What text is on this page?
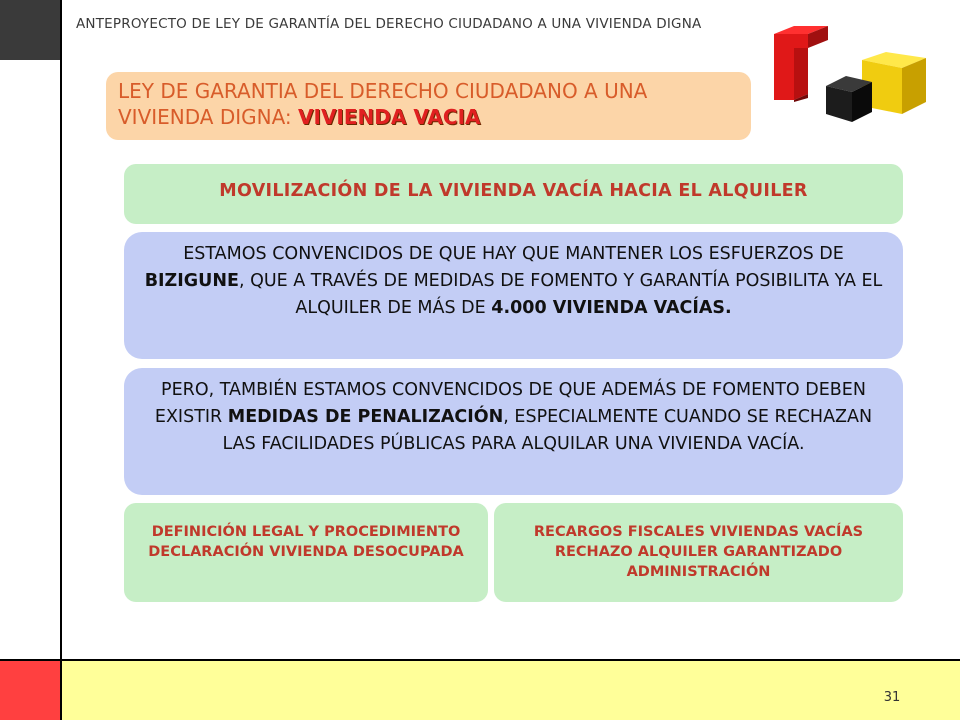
ANTEPROYECTO DE LEY DE GARANTÍA DEL DERECHO CIUDADANO A UNA VIVIENDA DIGNA
LEY DE GARANTIA DEL DERECHO CIUDADANO A UNA VIVIENDA DIGNA: VIVIENDA VACIA
MOVILIZACIÓN DE LA VIVIENDA VACÍA HACIA EL ALQUILER
ESTAMOS CONVENCIDOS DE QUE HAY QUE MANTENER LOS ESFUERZOS DE BIZIGUNE, QUE A TRAVÉS DE MEDIDAS DE FOMENTO Y GARANTÍA POSIBILITA YA EL ALQUILER DE MÁS DE 4.000 VIVIENDA VACÍAS.
PERO, TAMBIÉN ESTAMOS CONVENCIDOS DE QUE ADEMÁS DE FOMENTO DEBEN EXISTIR MEDIDAS DE PENALIZACIÓN, ESPECIALMENTE CUANDO SE RECHAZAN LAS FACILIDADES PÚBLICAS PARA ALQUILAR UNA VIVIENDA VACÍA.
DEFINICIÓN LEGAL Y PROCEDIMIENTO DECLARACIÓN VIVIENDA DESOCUPADA
RECARGOS FISCALES VIVIENDAS VACÍAS RECHAZO ALQUILER GARANTIZADO ADMINISTRACIÓN
31
